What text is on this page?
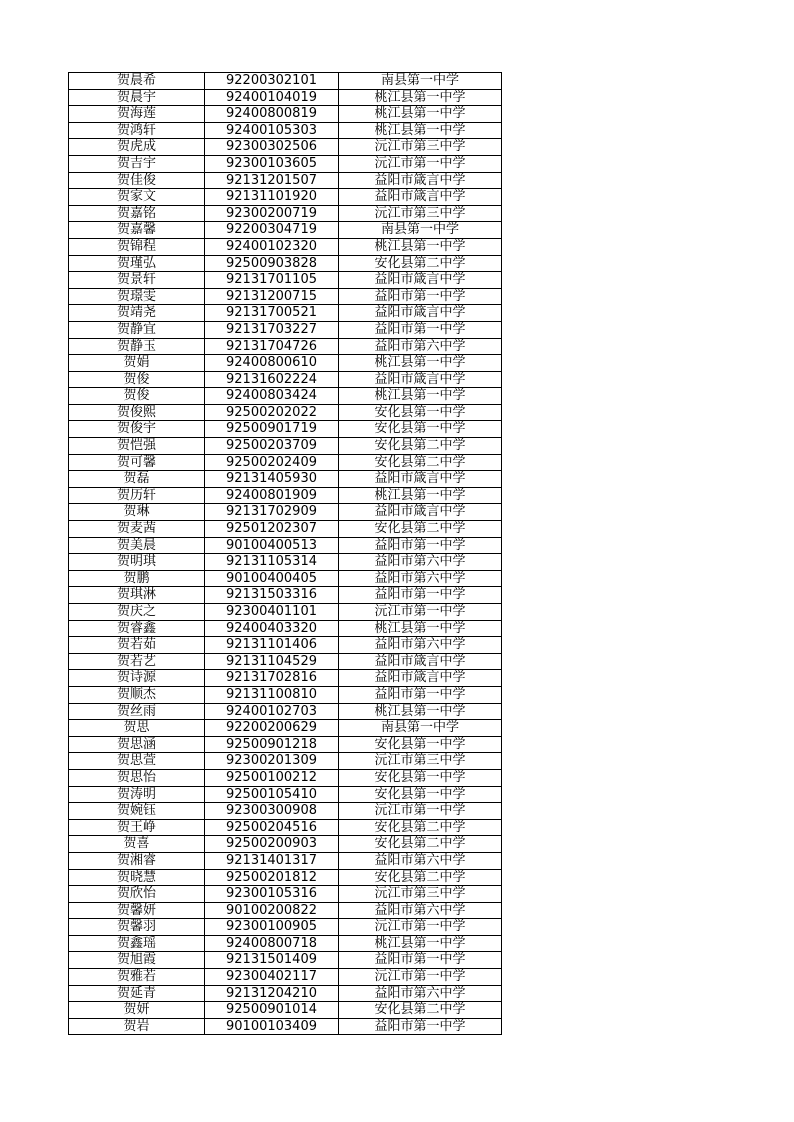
贺晨希	92200302101	南县第一中学
贺晨宇	92400104019	桃江县第一中学
贺海莲	92400800819	桃江县第一中学
贺鸿轩	92400105303	桃江县第一中学
贺虎成	92300302506	沅江市第三中学
贺吉宇	92300103605	沅江市第一中学
贺佳俊	92131201507	益阳市箴言中学
贺家文	92131101920	益阳市箴言中学
贺嘉铭	92300200719	沅江市第三中学
贺嘉馨	92200304719	南县第一中学
贺锦程	92400102320	桃江县第一中学
贺瑾弘	92500903828	安化县第二中学
贺景轩	92131701105	益阳市箴言中学
贺璟雯	92131200715	益阳市第一中学
贺靖尧	92131700521	益阳市箴言中学
贺静宜	92131703227	益阳市第一中学
贺静玉	92131704726	益阳市第六中学
贺娟	92400800610	桃江县第一中学
贺俊	92131602224	益阳市箴言中学
贺俊	92400803424	桃江县第一中学
贺俊熙	92500202022	安化县第一中学
贺俊宇	92500901719	安化县第一中学
贺恺强	92500203709	安化县第二中学
贺可馨	92500202409	安化县第二中学
贺磊	92131405930	益阳市箴言中学
贺历轩	92400801909	桃江县第一中学
贺琳	92131702909	益阳市箴言中学
贺麦茜	92501202307	安化县第二中学
贺美晨	90100400513	益阳市第一中学
贺明琪	92131105314	益阳市第六中学
贺鹏	90100400405	益阳市第六中学
贺琪淋	92131503316	益阳市第一中学
贺庆之	92300401101	沅江市第一中学
贺睿鑫	92400403320	桃江县第一中学
贺若茹	92131101406	益阳市第六中学
贺若艺	92131104529	益阳市箴言中学
贺诗源	92131702816	益阳市箴言中学
贺顺杰	92131100810	益阳市第一中学
贺丝雨	92400102703	桃江县第一中学
贺思	92200200629	南县第一中学
贺思涵	92500901218	安化县第一中学
贺思萱	92300201309	沅江市第三中学
贺思怡	92500100212	安化县第一中学
贺涛明	92500105410	安化县第一中学
贺婉钰	92300300908	沅江市第一中学
贺王峥	92500204516	安化县第二中学
贺喜	92500200903	安化县第二中学
贺湘睿	92131401317	益阳市第六中学
贺晓慧	92500201812	安化县第二中学
贺欣怡	92300105316	沅江市第三中学
贺馨妍	90100200822	益阳市第六中学
贺馨羽	92300100905	沅江市第一中学
贺鑫瑶	92400800718	桃江县第一中学
贺旭霞	92131501409	益阳市第一中学
贺雅若	92300402117	沅江市第一中学
贺延青	92131204210	益阳市第六中学
贺妍	92500901014	安化县第二中学
贺岩	90100103409	益阳市第一中学
